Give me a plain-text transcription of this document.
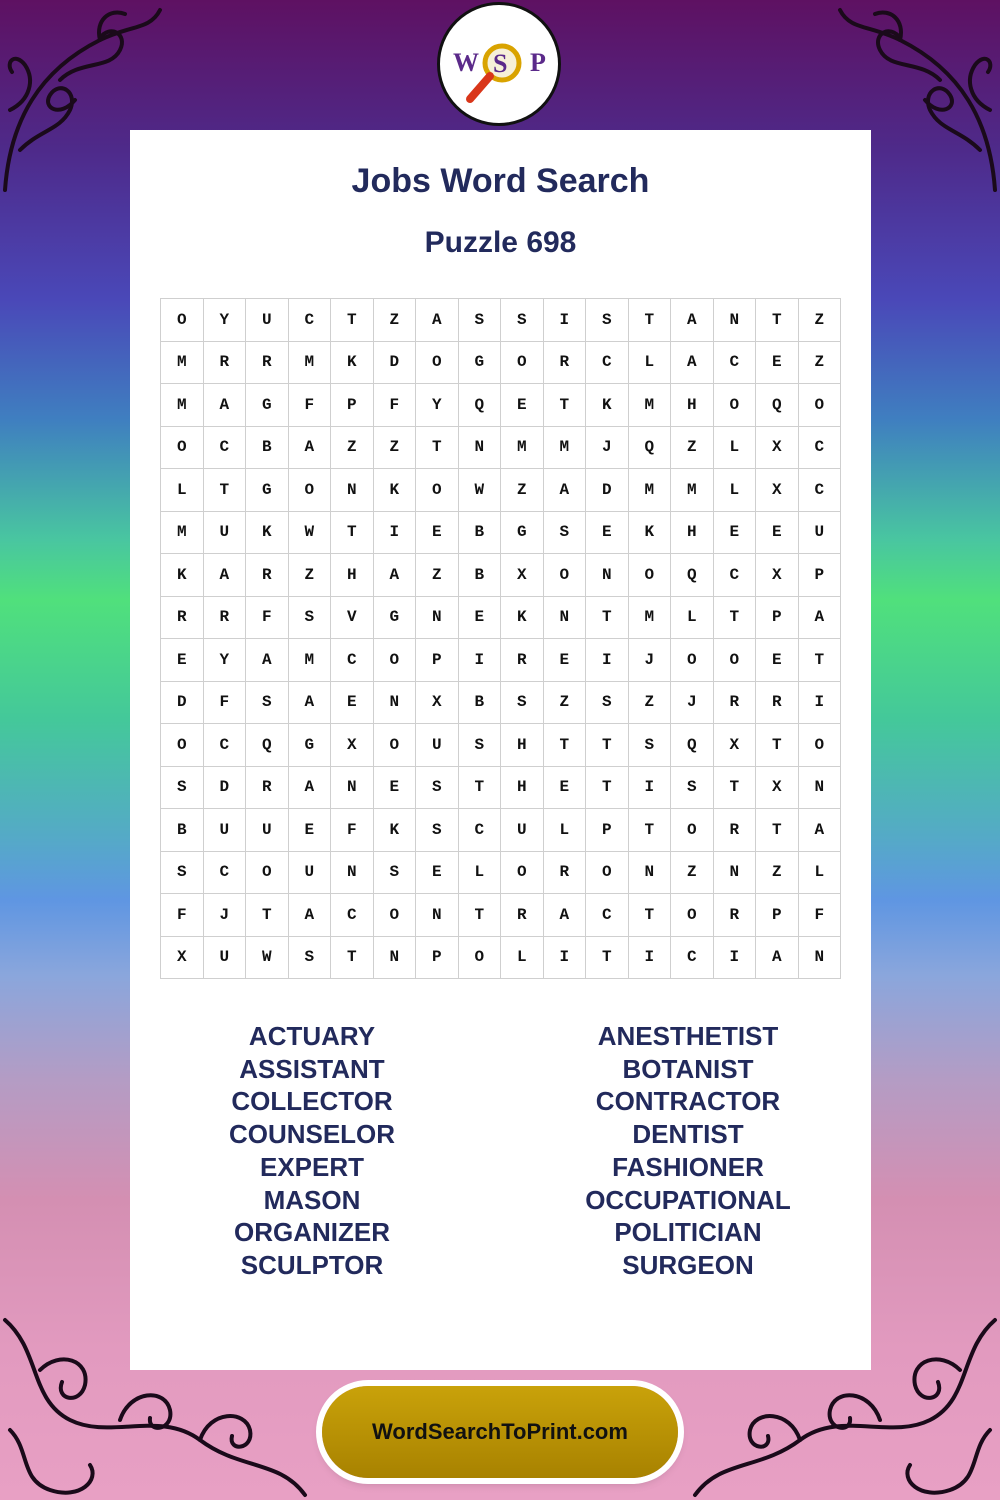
W S P
Jobs Word Search
Puzzle 698
O	Y	U	C	T	Z	A	S	S	I	S	T	A	N	T	Z
M	R	R	M	K	D	O	G	O	R	C	L	A	C	E	Z
M	A	G	F	P	F	Y	Q	E	T	K	M	H	O	Q	O
O	C	B	A	Z	Z	T	N	M	M	J	Q	Z	L	X	C
L	T	G	O	N	K	O	W	Z	A	D	M	M	L	X	C
M	U	K	W	T	I	E	B	G	S	E	K	H	E	E	U
K	A	R	Z	H	A	Z	B	X	O	N	O	Q	C	X	P
R	R	F	S	V	G	N	E	K	N	T	M	L	T	P	A
E	Y	A	M	C	O	P	I	R	E	I	J	O	O	E	T
D	F	S	A	E	N	X	B	S	Z	S	Z	J	R	R	I
O	C	Q	G	X	O	U	S	H	T	T	S	Q	X	T	O
S	D	R	A	N	E	S	T	H	E	T	I	S	T	X	N
B	U	U	E	F	K	S	C	U	L	P	T	O	R	T	A
S	C	O	U	N	S	E	L	O	R	O	N	Z	N	Z	L
F	J	T	A	C	O	N	T	R	A	C	T	O	R	P	F
X	U	W	S	T	N	P	O	L	I	T	I	C	I	A	N
ACTUARY
ASSISTANT
COLLECTOR
COUNSELOR
EXPERT
MASON
ORGANIZER
SCULPTOR
ANESTHETIST
BOTANIST
CONTRACTOR
DENTIST
FASHIONER
OCCUPATIONAL
POLITICIAN
SURGEON
WordSearchToPrint.com
